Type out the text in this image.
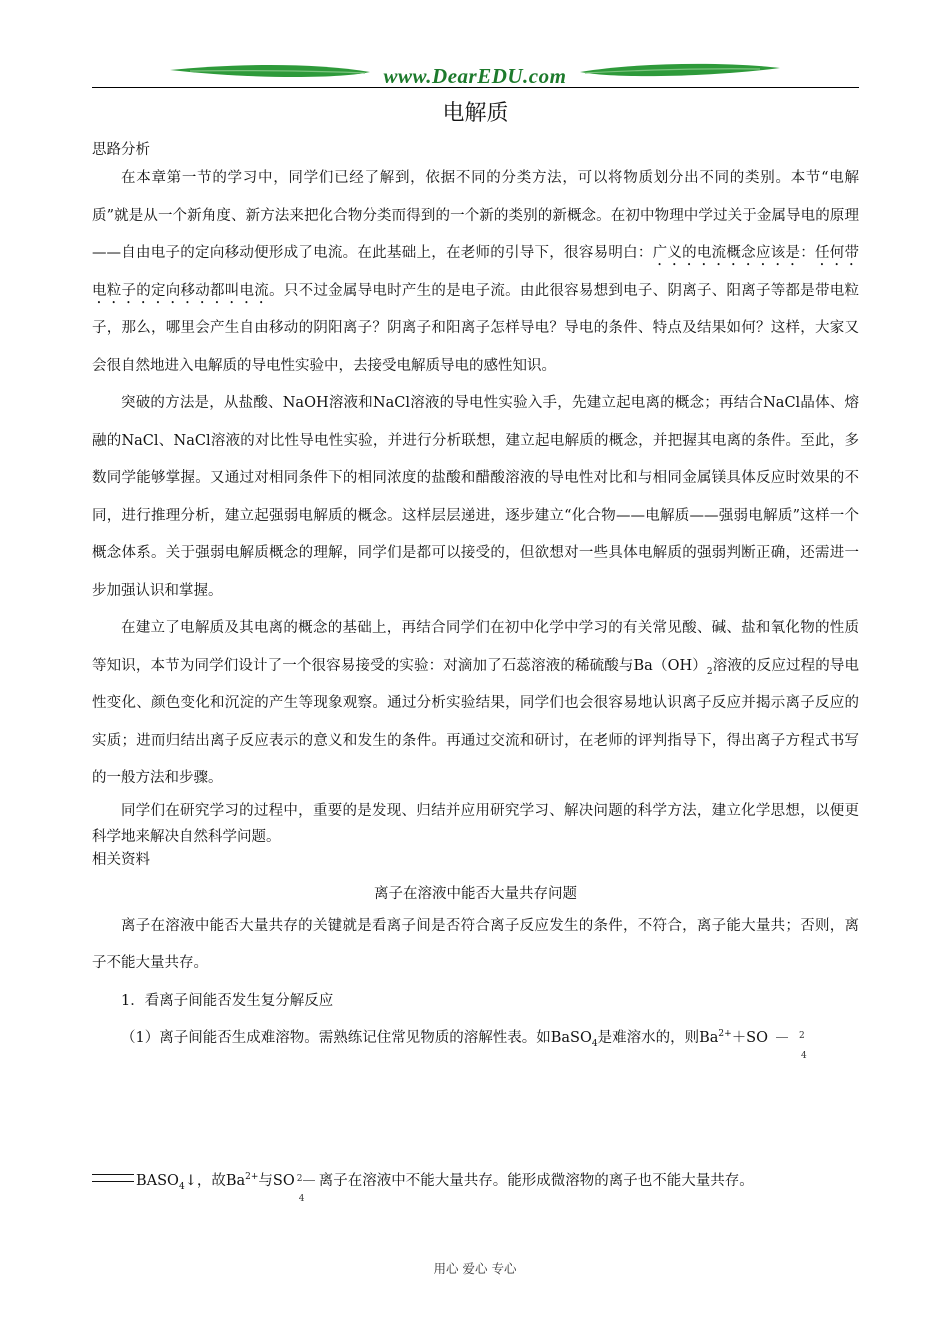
www.DearEDU.com
电解质
思路分析

在本章第一节的学习中，同学们已经了解到，依据不同的分类方法，可以将物质划分出不同的类别。本节“电解质”就是从一个新角度、新方法来把化合物分类而得到的一个新的类别的新概念。在初中物理中学过关于金属导电的原理——自由电子的定向移动便形成了电流。在此基础上，在老师的引导下，很容易明白：广义的电流概念应该是：任何带电粒子的定向移动都叫电流。只不过金属导电时产生的是电子流。由此很容易想到电子、阴离子、阳离子等都是带电粒子，那么，哪里会产生自由移动的阴阳离子？阴离子和阳离子怎样导电？导电的条件、特点及结果如何？这样，大家又会很自然地进入电解质的导电性实验中，去接受电解质导电的感性知识。

突破的方法是，从盐酸、NaOH溶液和NaCl溶液的导电性实验入手，先建立起电离的概念；再结合NaCl晶体、熔融的NaCl、NaCl溶液的对比性导电性实验，并进行分析联想，建立起电解质的概念，并把握其电离的条件。至此，多数同学能够掌握。又通过对相同条件下的相同浓度的盐酸和醋酸溶液的导电性对比和与相同金属镁具体反应时效果的不同，进行推理分析，建立起强弱电解质的概念。这样层层递进，逐步建立“化合物——电解质——强弱电解质”这样一个概念体系。关于强弱电解质概念的理解，同学们是都可以接受的，但欲想对一些具体电解质的强弱判断正确，还需进一步加强认识和掌握。

在建立了电解质及其电离的概念的基础上，再结合同学们在初中化学中学习的有关常见酸、碱、盐和氧化物的性质等知识，本节为同学们设计了一个很容易接受的实验：对滴加了石蕊溶液的稀硫酸与$Ba(OH)_2$溶液的反应过程的导电性变化、颜色变化和沉淀的产生等现象观察。通过分析实验结果，同学们也会很容易地认识离子反应并揭示离子反应的实质；进而归结出离子反应表示的意义和发生的条件。再通过交流和研讨，在老师的评判指导下，得出离子方程式书写的一般方法和步骤。

同学们在研究学习的过程中，重要的是发现、归结并应用研究学习、解决问题的科学方法，建立化学思想，以便更科学地来解决自然科学问题。

相关资料
离子在溶液中能否大量共存问题

离子在溶液中能否大量共存的关键就是看离子间是否符合离子反应发生的条件，不符合，离子能大量共；否则，离子不能大量共存。

1．看离子间能否发生复分解反应

（1）离子间能否生成难溶物。需熟练记住常见物质的溶解性表。如BaSO$_4$是难溶水的，则$Ba^{2+}+SO \frac{2}{4}$

$BASO_4↓$，故$Ba^{2+}$与SO $\frac{2}{4}$ 离子在溶液中不能大量共存。能形成微溶物的离子也不能大量共存。
用心 爱心 专心
